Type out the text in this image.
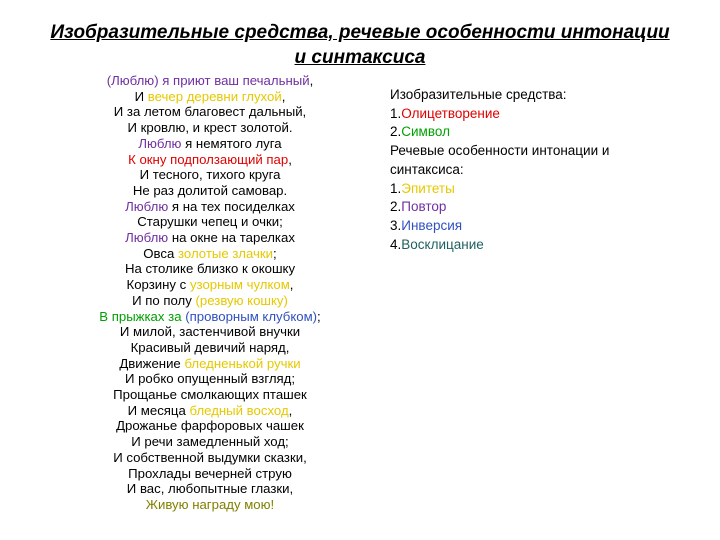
Изобразительные средства, речевые особенности интонации
и синтаксиса
(Люблю) я приют ваш печальный,
И вечер деревни глухой,
И за летом благовест дальный,
И кровлю, и крест золотой.
Люблю я немятого луга
К окну подползающий пар,
И тесного, тихого круга
Не раз долитой самовар.
Люблю я на тех посиделках
Старушки чепец и очки;
Люблю на окне на тарелках
Овса золотые злачки;
На столике близко к окошку
Корзину с узорным чулком,
И по полу (резвую кошку)
В прыжках за (проворным клубком);
И милой, застенчивой внучки
Красивый девичий наряд,
Движение бледненькой ручки
И робко опущенный взгляд;
Прощанье смолкающих пташек
И месяца бледный восход,
Дрожанье фарфоровых чашек
И речи замедленный ход;
И собственной выдумки сказки,
Прохлады вечерней струю
И вас, любопытные глазки,
Живую награду мою!
Изобразительные средства:
1.Олицетворение
2.Символ
Речевые особенности интонации и
синтаксиса:
1.Эпитеты
2.Повтор
3.Инверсия
4.Восклицание
